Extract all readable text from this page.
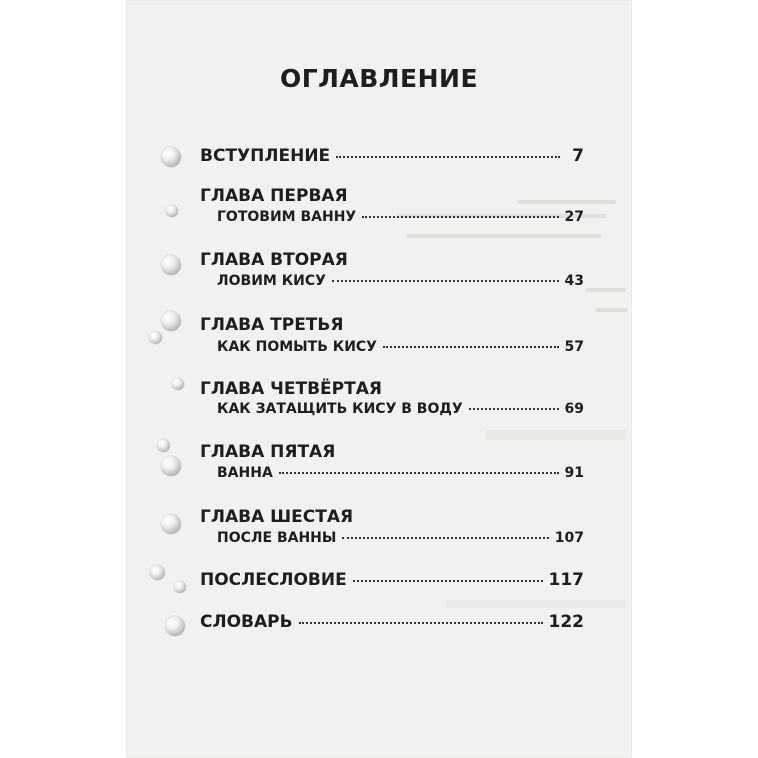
ОГЛАВЛЕНИЕ
ВСТУПЛЕНИЕ	7
ГЛАВА ПЕРВАЯ
ГОТОВИМ ВАННУ	27
ГЛАВА ВТОРАЯ
ЛОВИМ КИСУ	43
ГЛАВА ТРЕТЬЯ
КАК ПОМЫТЬ КИСУ	57
ГЛАВА ЧЕТВЁРТАЯ
КАК ЗАТАЩИТЬ КИСУ В ВОДУ	69
ГЛАВА ПЯТАЯ
ВАННА	91
ГЛАВА ШЕСТАЯ
ПОСЛЕ ВАННЫ	107
ПОСЛЕСЛОВИЕ	117
СЛОВАРЬ	122
